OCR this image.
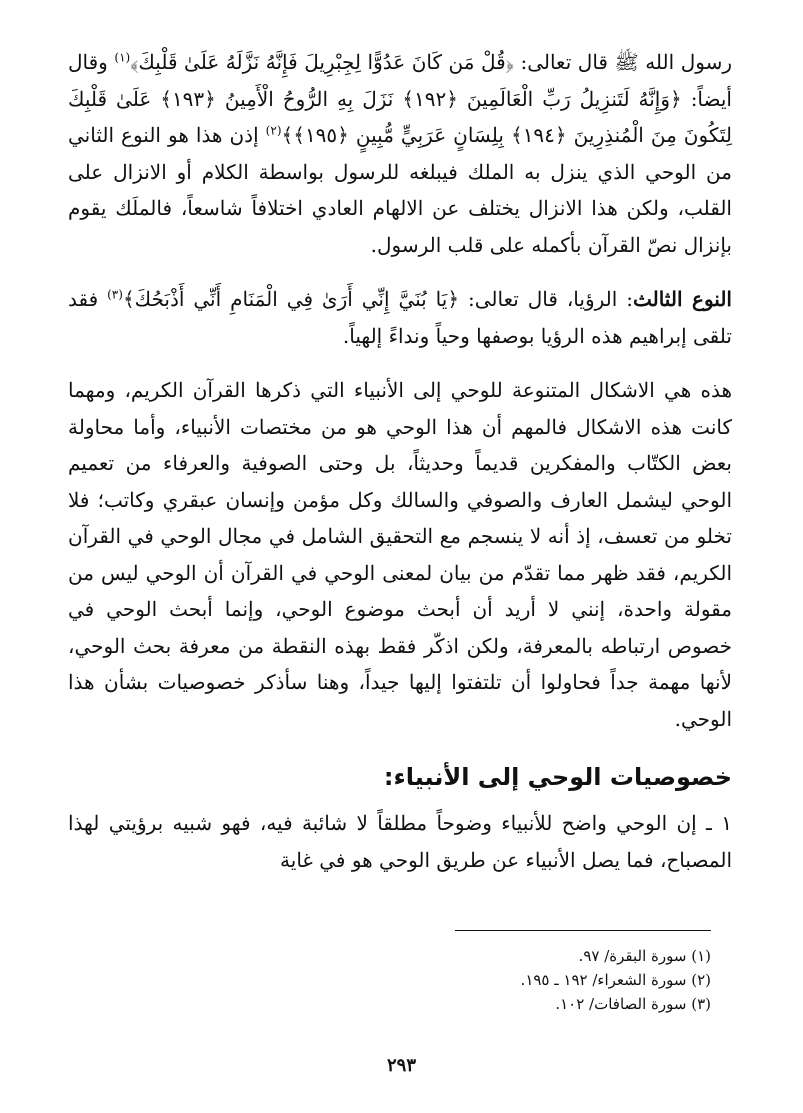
رسول الله ﷺ قال تعالى: ﴿قُلْ مَن كَانَ عَدُوًّا لِجِبْرِيلَ فَإِنَّهُ نَزَّلَهُ عَلَىٰ قَلْبِكَ﴾$^{(١)}$ وقال أيضاً: ﴿وَإِنَّهُ لَتَنزِيلُ رَبِّ الْعَالَمِينَ ﴿١٩٢﴾ نَزَلَ بِهِ الرُّوحُ الْأَمِينُ ﴿١٩٣﴾ عَلَىٰ قَلْبِكَ لِتَكُونَ مِنَ الْمُنذِرِينَ ﴿١٩٤﴾ بِلِسَانٍ عَرَبِيٍّ مُّبِينٍ ﴿١٩٥﴾﴾$^{(٢)}$ إذن هذا هو النوع الثاني من الوحي الذي ينزل به الملك فيبلغه للرسول بواسطة الكلام أو الانزال على القلب، ولكن هذا الانزال يختلف عن الالهام العادي اختلافاً شاسعاً، فالملَك يقوم بإنزال نصّ القرآن بأكمله على قلب الرسول.

النوع الثالث: الرؤيا، قال تعالى: ﴿يَا بُنَيَّ إِنِّي أَرَىٰ فِي الْمَنَامِ أَنِّي أَذْبَحُكَ﴾$^{(٣)}$ فقد تلقى إبراهيم هذه الرؤيا بوصفها وحياً ونداءً إلهياً.

هذه هي الاشكال المتنوعة للوحي إلى الأنبياء التي ذكرها القرآن الكريم، ومهما كانت هذه الاشكال فالمهم أن هذا الوحي هو من مختصات الأنبياء، وأما محاولة بعض الكتّاب والمفكرين قديماً وحديثاً، بل وحتى الصوفية والعرفاء من تعميم الوحي ليشمل العارف والصوفي والسالك وكل مؤمن وإنسان عبقري وكاتب؛ فلا تخلو من تعسف، إذ أنه لا ينسجم مع التحقيق الشامل في مجال الوحي في القرآن الكريم، فقد ظهر مما تقدّم من بيان لمعنى الوحي في القرآن أن الوحي ليس من مقولة واحدة، إنني لا أريد أن أبحث موضوع الوحي، وإنما أبحث الوحي في خصوص ارتباطه بالمعرفة، ولكن اذكّر فقط بهذه النقطة من معرفة بحث الوحي، لأنها مهمة جداً فحاولوا أن تلتفتوا إليها جيداً، وهنا سأذكر خصوصيات بشأن هذا الوحي.

خصوصيات الوحي إلى الأنبياء:

١ ـ إن الوحي واضح للأنبياء وضوحاً مطلقاً لا شائبة فيه، فهو شبيه برؤيتي لهذا المصباح، فما يصل الأنبياء عن طريق الوحي هو في غاية

(١) سورة البقرة/ ٩٧.
(٢) سورة الشعراء/ ١٩٢ ـ ١٩٥.
(٣) سورة الصافات/ ١٠٢.
٢٩٣
